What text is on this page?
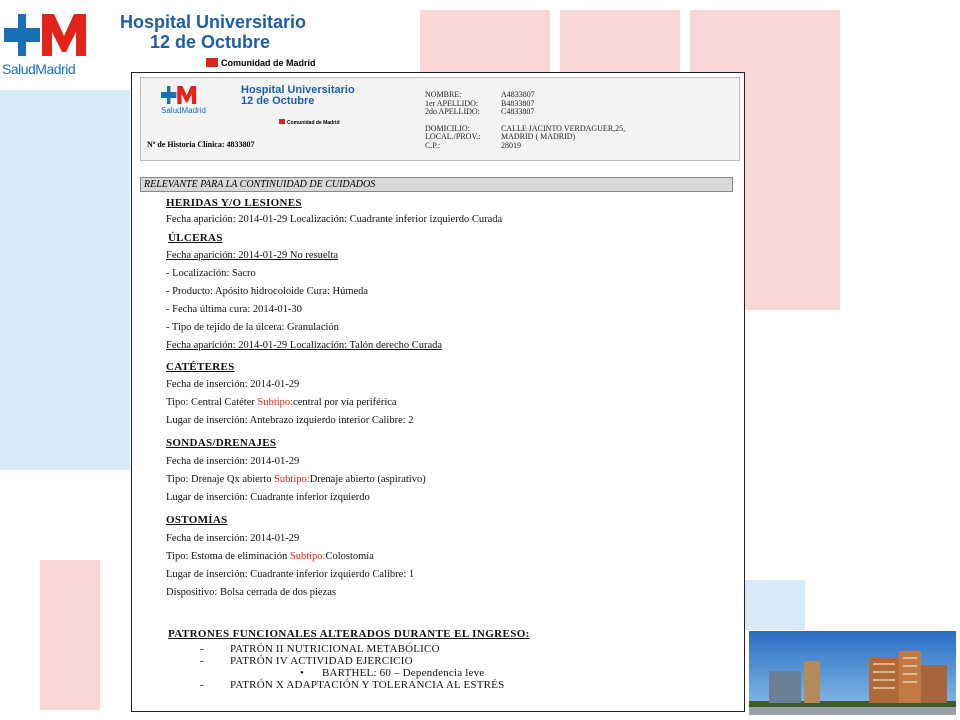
SaludMadrid
Hospital Universitario
12 de Octubre
Comunidad de Madrid
Hospital Universitario
12 de Octubre
SaludMadrid
Comunidad de Madrid
Nº de Historia Clínica: 4833807
NOMBRE:	A4833807
1er APELLIDO:	B4833807
2do APELLIDO:	C4833807
DOMICILIO:	CALLE JACINTO VERDAGUER,25,
LOCAL./PROV.:	MADRID ( MADRID)
C.P.:	28019
RELEVANTE PARA LA CONTINUIDAD DE CUIDADOS
HERIDAS Y/O LESIONES
Fecha aparición: 2014-01-29 Localización: Cuadrante inferior izquierdo Curada
ÚLCERAS
Fecha aparición: 2014-01-29 No resuelta
- Localización: Sacro
- Producto: Apósito hidrocoloide Cura: Húmeda
- Fecha última cura: 2014-01-30
- Tipo de tejido de la úlcera: Granulación
Fecha aparición: 2014-01-29 Localización: Talón derecho Curada
CATÉTERES
Fecha de inserción: 2014-01-29
Tipo: Central Catéter Subtipo:central por vía periférica
Lugar de inserción: Antebrazo izquierdo interior Calibre: 2
SONDAS/DRENAJES
Fecha de inserción: 2014-01-29
Tipo: Drenaje Qx abierto Subtipo:Drenaje abierto (aspirativo)
Lugar de inserción: Cuadrante inferior izquierdo
OSTOMÍAS
Fecha de inserción: 2014-01-29
Tipo: Estoma de eliminación Subtipo:Colostomía
Lugar de inserción: Cuadrante inferior izquierdo Calibre: 1
Dispositivo: Bolsa cerrada de dos piezas
PATRONES FUNCIONALES ALTERADOS DURANTE EL INGRESO:
- PATRÓN II NUTRICIONAL METABÓLICO
- PATRÓN IV ACTIVIDAD EJERCICIO
• BARTHEL: 60 – Dependencia leve
- PATRÓN X ADAPTACIÓN Y TOLERANCIA AL ESTRÉS
